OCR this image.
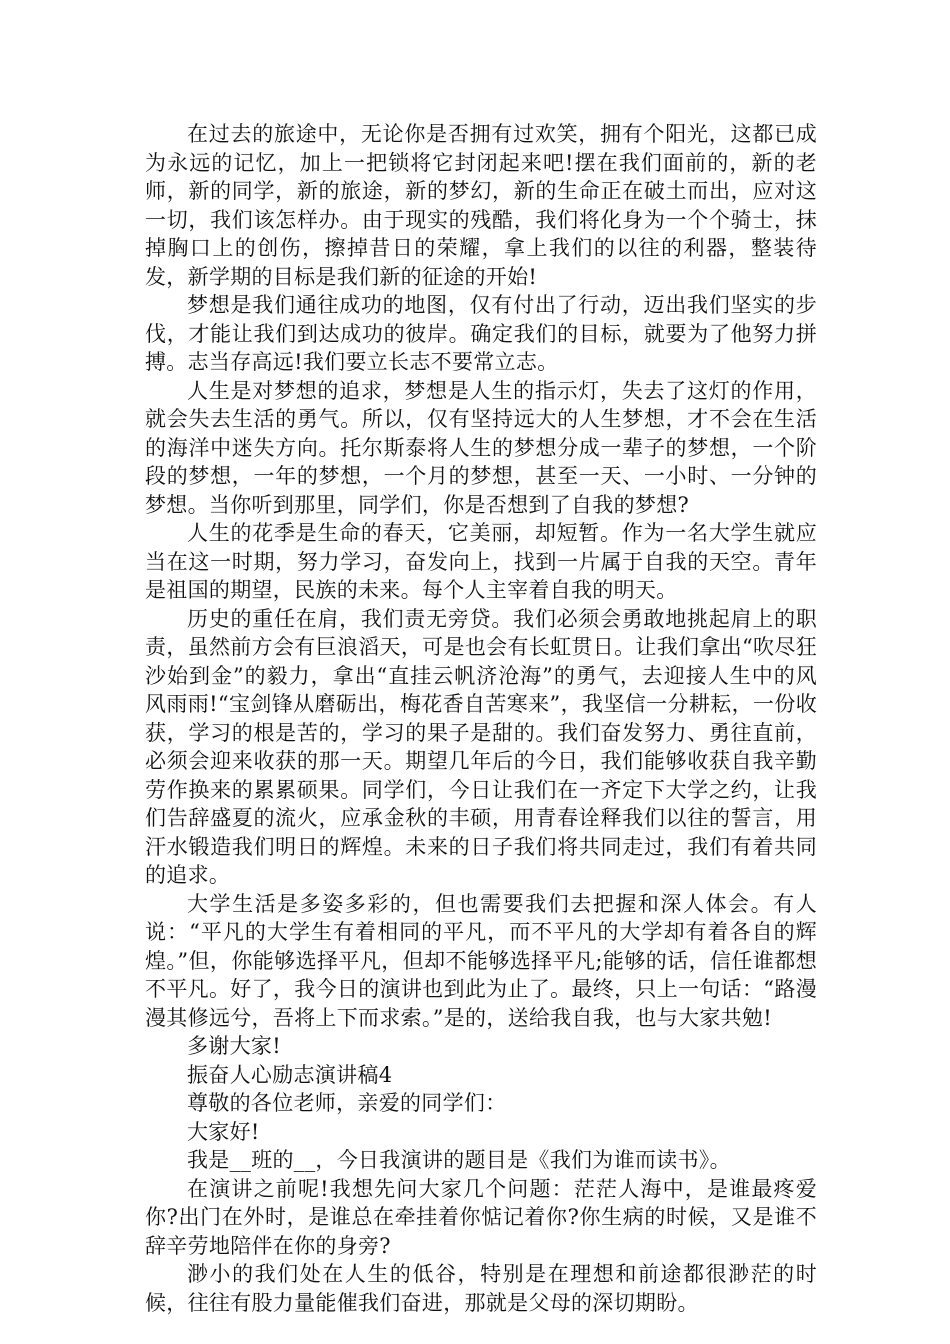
在过去的旅途中，无论你是否拥有过欢笑，拥有个阳光，这都已成为永远的记忆，加上一把锁将它封闭起来吧!摆在我们面前的，新的老师，新的同学，新的旅途，新的梦幻，新的生命正在破土而出，应对这一切，我们该怎样办。由于现实的残酷，我们将化身为一个个骑士，抹掉胸口上的创伤，擦掉昔日的荣耀，拿上我们的以往的利器，整装待发，新学期的目标是我们新的征途的开始!

梦想是我们通往成功的地图，仅有付出了行动，迈出我们坚实的步伐，才能让我们到达成功的彼岸。确定我们的目标，就要为了他努力拼搏。志当存高远!我们要立长志不要常立志。

人生是对梦想的追求，梦想是人生的指示灯，失去了这灯的作用，就会失去生活的勇气。所以，仅有坚持远大的人生梦想，才不会在生活的海洋中迷失方向。托尔斯泰将人生的梦想分成一辈子的梦想，一个阶段的梦想，一年的梦想，一个月的梦想，甚至一天、一小时、一分钟的梦想。当你听到那里，同学们，你是否想到了自我的梦想?

人生的花季是生命的春天，它美丽，却短暂。作为一名大学生就应当在这一时期，努力学习，奋发向上，找到一片属于自我的天空。青年是祖国的期望，民族的未来。每个人主宰着自我的明天。

历史的重任在肩，我们责无旁贷。我们必须会勇敢地挑起肩上的职责，虽然前方会有巨浪滔天，可是也会有长虹贯日。让我们拿出“吹尽狂沙始到金”的毅力，拿出“直挂云帆济沧海”的勇气，去迎接人生中的风风雨雨!“宝剑锋从磨砺出，梅花香自苦寒来”，我坚信一分耕耘，一份收获，学习的根是苦的，学习的果子是甜的。我们奋发努力、勇往直前，必须会迎来收获的那一天。期望几年后的今日，我们能够收获自我辛勤劳作换来的累累硕果。同学们，今日让我们在一齐定下大学之约，让我们告辞盛夏的流火，应承金秋的丰硕，用青春诠释我们以往的誓言，用汗水锻造我们明日的辉煌。未来的日子我们将共同走过，我们有着共同的追求。

大学生活是多姿多彩的，但也需要我们去把握和深人体会。有人说：“平凡的大学生有着相同的平凡，而不平凡的大学却有着各自的辉煌。”但，你能够选择平凡，但却不能够选择平凡;能够的话，信任谁都想不平凡。好了，我今日的演讲也到此为止了。最终，只上一句话：“路漫漫其修远兮，吾将上下而求索。”是的，送给我自我，也与大家共勉!

多谢大家!

振奋人心励志演讲稿4

尊敬的各位老师，亲爱的同学们：

大家好!

我是__班的__，今日我演讲的题目是《我们为谁而读书》。

在演讲之前呢!我想先问大家几个问题：茫茫人海中，是谁最疼爱你?出门在外时，是谁总在牵挂着你惦记着你?你生病的时候，又是谁不辞辛劳地陪伴在你的身旁?

渺小的我们处在人生的低谷，特别是在理想和前途都很渺茫的时候，往往有股力量能催我们奋进，那就是父母的深切期盼。
